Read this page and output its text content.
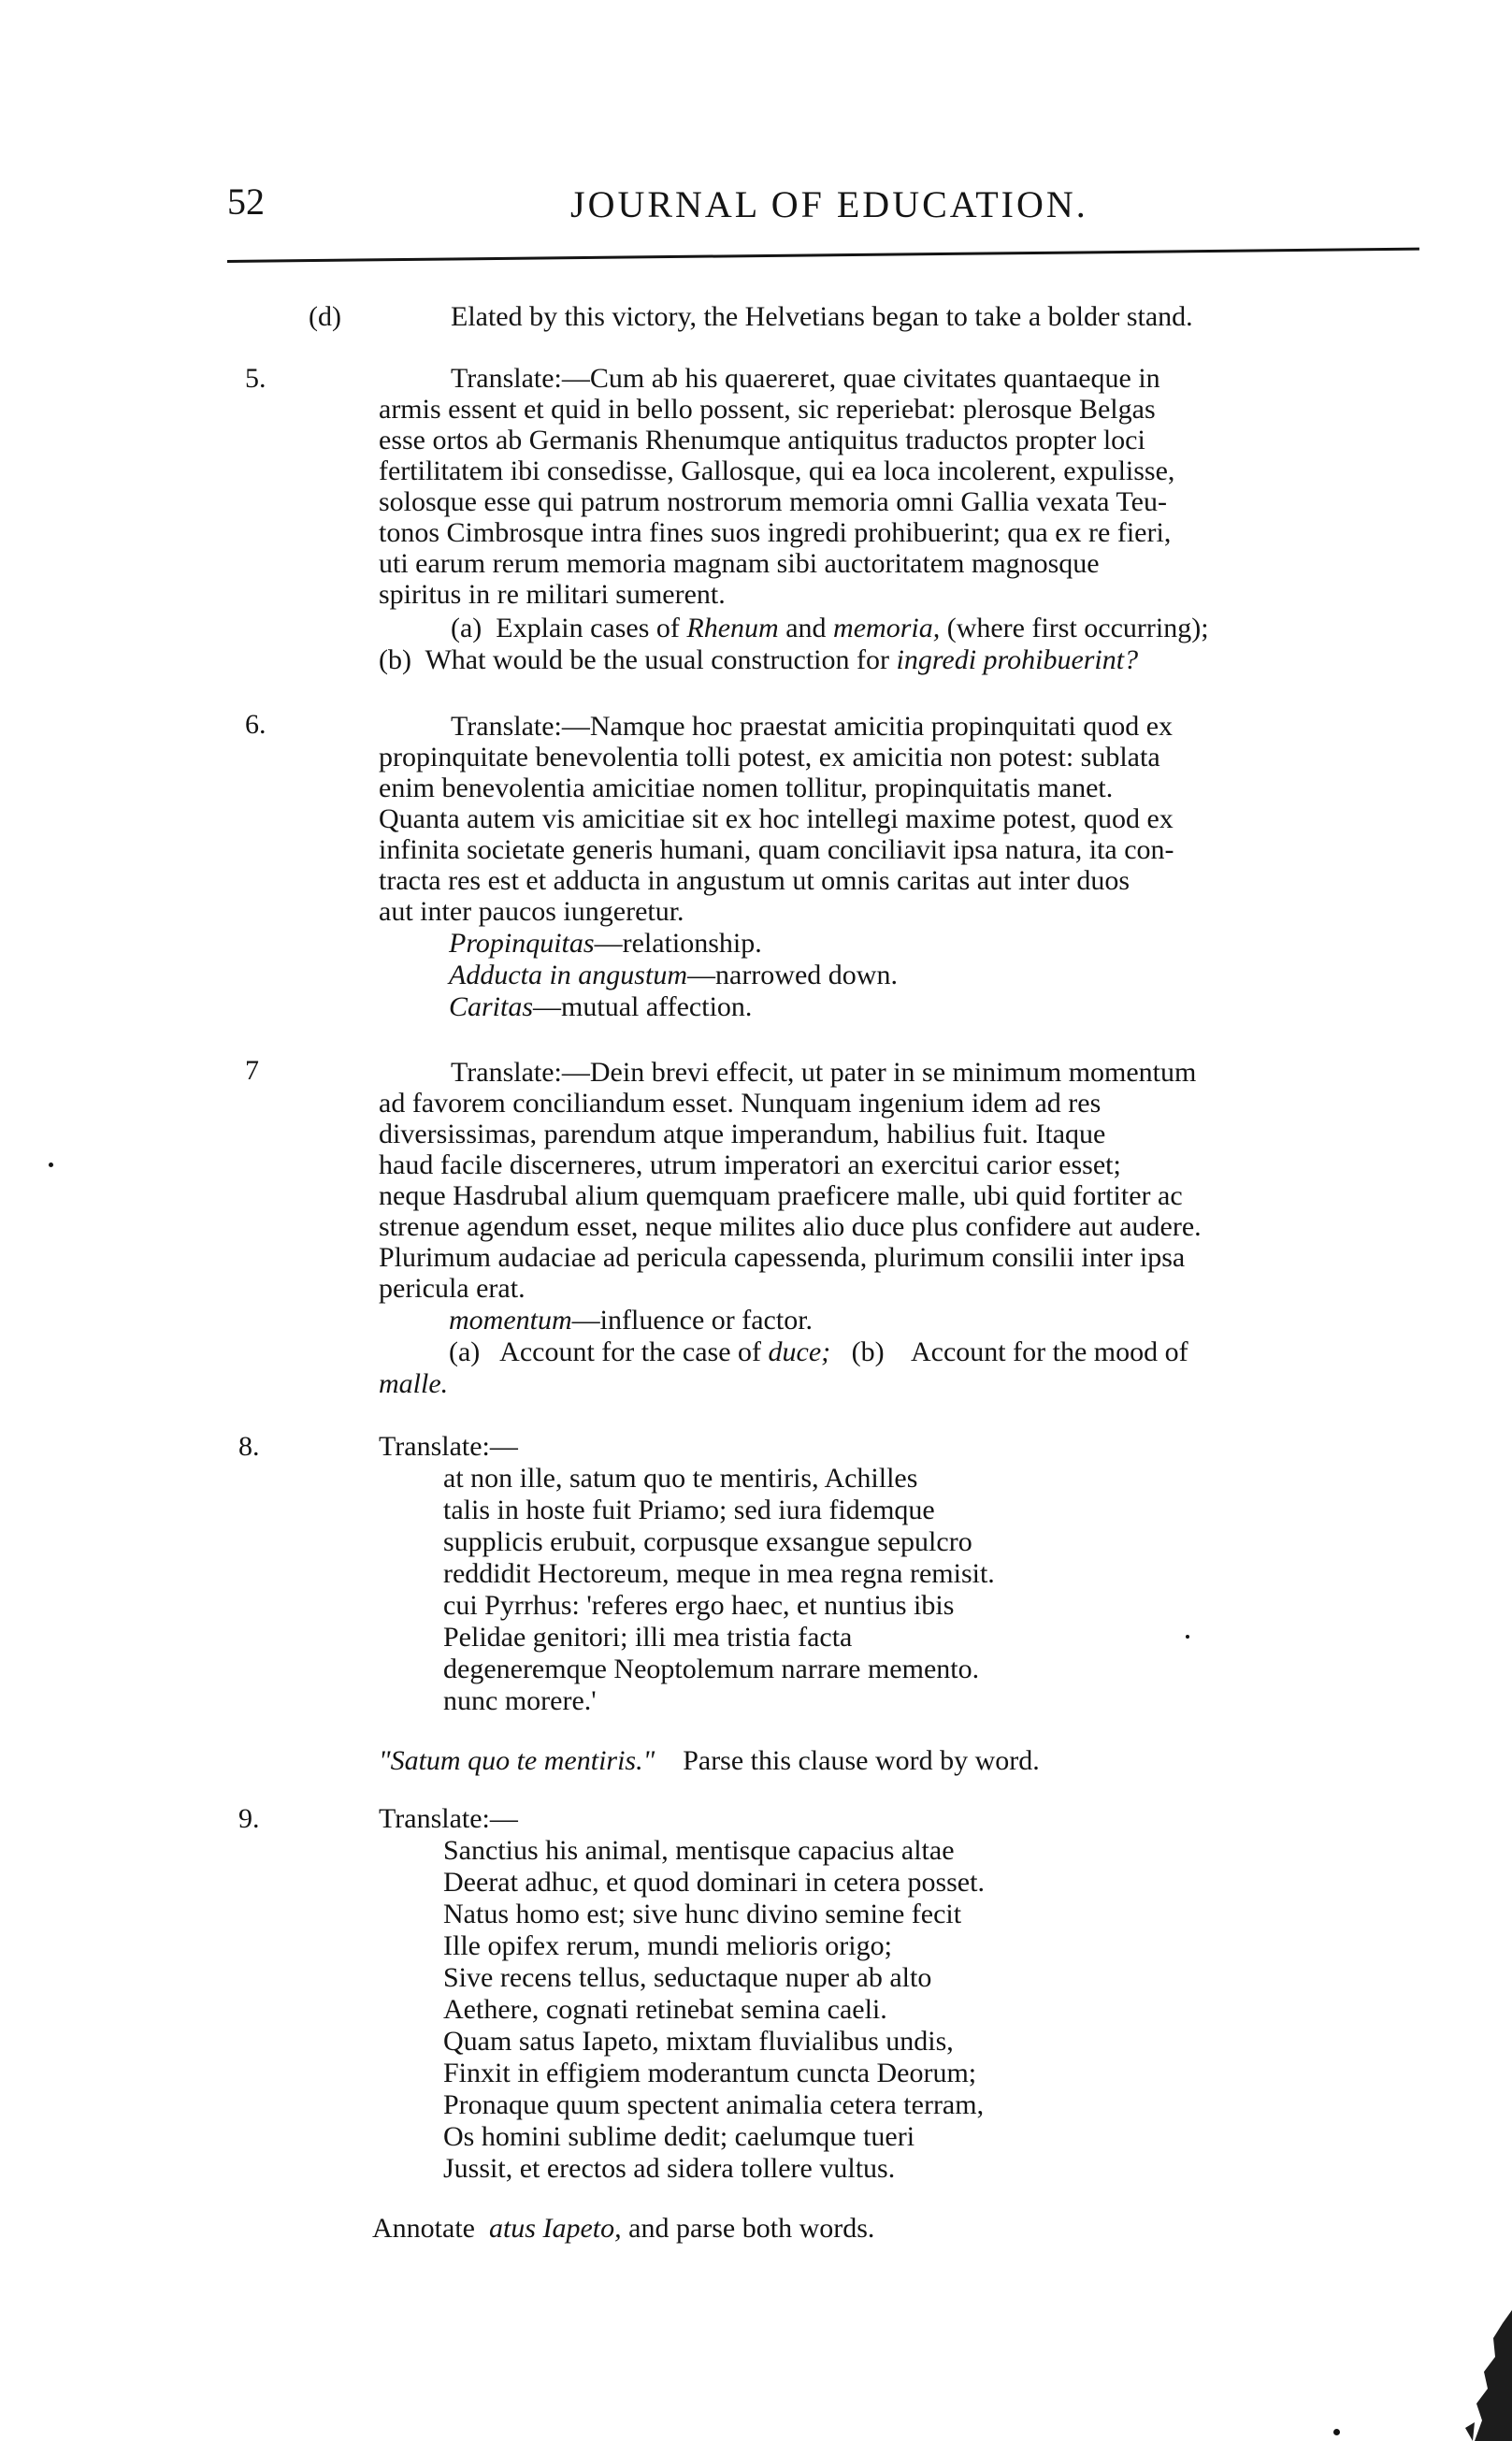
52	JOURNAL OF EDUCATION.
(d)	Elated by this victory, the Helvetians began to take a bolder stand.
5.	Translate:—Cum ab his quaereret, quae civitates quantaeque in
armis essent et quid in bello possent, sic reperiebat: plerosque Belgas
esse ortos ab Germanis Rhenumque antiquitus traductos propter loci
fertilitatem ibi consedisse, Gallosque, qui ea loca incolerent, expulisse,
solosque esse qui patrum nostrorum memoria omni Gallia vexata Teu-
tonos Cimbrosque intra fines suos ingredi prohibuerint; qua ex re fieri,
uti earum rerum memoria magnam sibi auctoritatem magnosque
spiritus in re militari sumerent.
(a) Explain cases of Rhenum and memoria, (where first occurring);
(b) What would be the usual construction for ingredi prohibuerint?
6.	Translate:—Namque hoc praestat amicitia propinquitati quod ex
propinquitate benevolentia tolli potest, ex amicitia non potest: sublata
enim benevolentia amicitiae nomen tollitur, propinquitatis manet.
Quanta autem vis amicitiae sit ex hoc intellegi maxime potest, quod ex
infinita societate generis humani, quam conciliavit ipsa natura, ita con-
tracta res est et adducta in angustum ut omnis caritas aut inter duos
aut inter paucos iungeretur.
Propinquitas—relationship.
Adducta in angustum—narrowed down.
Caritas—mutual affection.
7	Translate:—Dein brevi effecit, ut pater in se minimum momentum
ad favorem conciliandum esset. Nunquam ingenium idem ad res
diversissimas, parendum atque imperandum, habilius fuit. Itaque
haud facile discerneres, utrum imperatori an exercitui carior esset;
neque Hasdrubal alium quemquam praeficere malle, ubi quid fortiter ac
strenue agendum esset, neque milites alio duce plus confidere aut audere.
Plurimum audaciae ad pericula capessenda, plurimum consilii inter ipsa
pericula erat.
momentum—influence or factor.
(a) Account for the case of duce; (b) Account for the mood of
malle.
8.	Translate:—
at non ille, satum quo te mentiris, Achilles
talis in hoste fuit Priamo; sed iura fidemque
supplicis erubuit, corpusque exsangue sepulcro
reddidit Hectoreum, meque in mea regna remisit.
cui Pyrrhus: 'referes ergo haec, et nuntius ibis
Pelidae genitori; illi mea tristia facta
degeneremque Neoptolemum narrare memento.
nunc morere.'
"Satum quo te mentiris." Parse this clause word by word.
9.	Translate:—
Sanctius his animal, mentisque capacius altae
Deerat adhuc, et quod dominari in cetera posset.
Natus homo est; sive hunc divino semine fecit
Ille opifex rerum, mundi melioris origo;
Sive recens tellus, seductaque nuper ab alto
Aethere, cognati retinebat semina caeli.
Quam satus Iapeto, mixtam fluvialibus undis,
Finxit in effigiem moderantum cuncta Deorum;
Pronaque quum spectent animalia cetera terram,
Os homini sublime dedit; caelumque tueri
Jussit, et erectos ad sidera tollere vultus.
Annotate atus Iapeto, and parse both words.
